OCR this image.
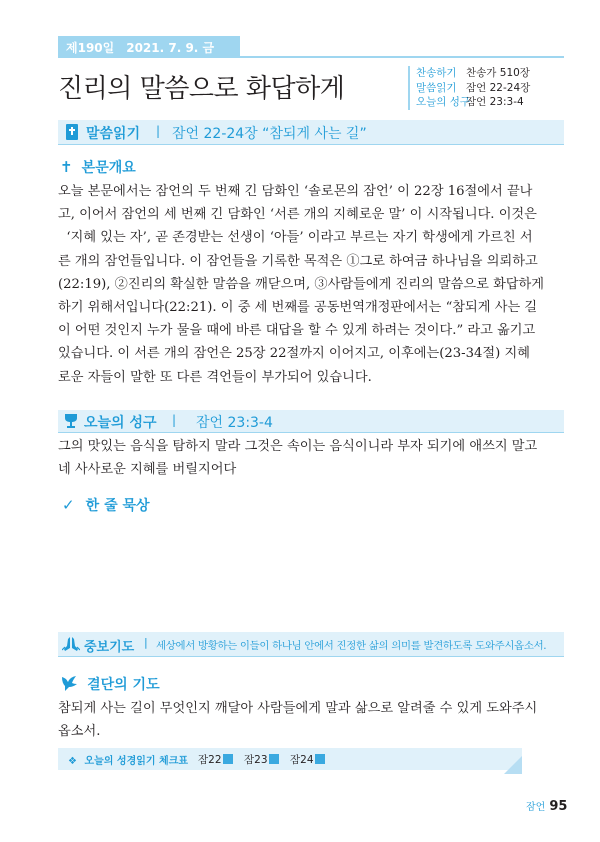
제190일 2021. 7. 9. 금
진리의 말씀으로 화답하게
찬송하기 찬송가 510장
말씀읽기 잠언 22-24장
오늘의 성구잠언 23:3-4
말씀읽기 | 잠언 22-24장 “참되게 사는 길”
✝ 본문개요
오늘 본문에서는 잠언의 두 번째 긴 담화인 ‘솔로몬의 잠언’ 이 22장 16절에서 끝나
고, 이어서 잠언의 세 번째 긴 담화인 ‘서른 개의 지혜로운 말’ 이 시작됩니다. 이것은
‘지혜 있는 자’, 곧 존경받는 선생이 ‘아들’ 이라고 부르는 자기 학생에게 가르친 서
른 개의 잠언들입니다. 이 잠언들을 기록한 목적은 ①그로 하여금 하나님을 의뢰하고
(22:19), ②진리의 확실한 말씀을 깨닫으며, ③사람들에게 진리의 말씀으로 화답하게
하기 위해서입니다(22:21). 이 중 세 번째를 공동번역개정판에서는 “참되게 사는 길
이 어떤 것인지 누가 물을 때에 바른 대답을 할 수 있게 하려는 것이다.” 라고 옮기고
있습니다. 이 서른 개의 잠언은 25장 22절까지 이어지고, 이후에는(23-34절) 지혜
로운 자들이 말한 또 다른 격언들이 부가되어 있습니다.
오늘의 성구 | 잠언 23:3-4
그의 맛있는 음식을 탐하지 말라 그것은 속이는 음식이니라 부자 되기에 애쓰지 말고
네 사사로운 지혜를 버릴지어다
✓ 한 줄 묵상
중보기도 | 세상에서 방황하는 이들이 하나님 안에서 진정한 삶의 의미를 발견하도록 도와주시옵소서.
결단의 기도
참되게 사는 길이 무엇인지 깨달아 사람들에게 말과 삶으로 알려줄 수 있게 도와주시
옵소서.
❖ 오늘의 성경읽기 체크표 잠22	잠23	잠24
잠언 95
